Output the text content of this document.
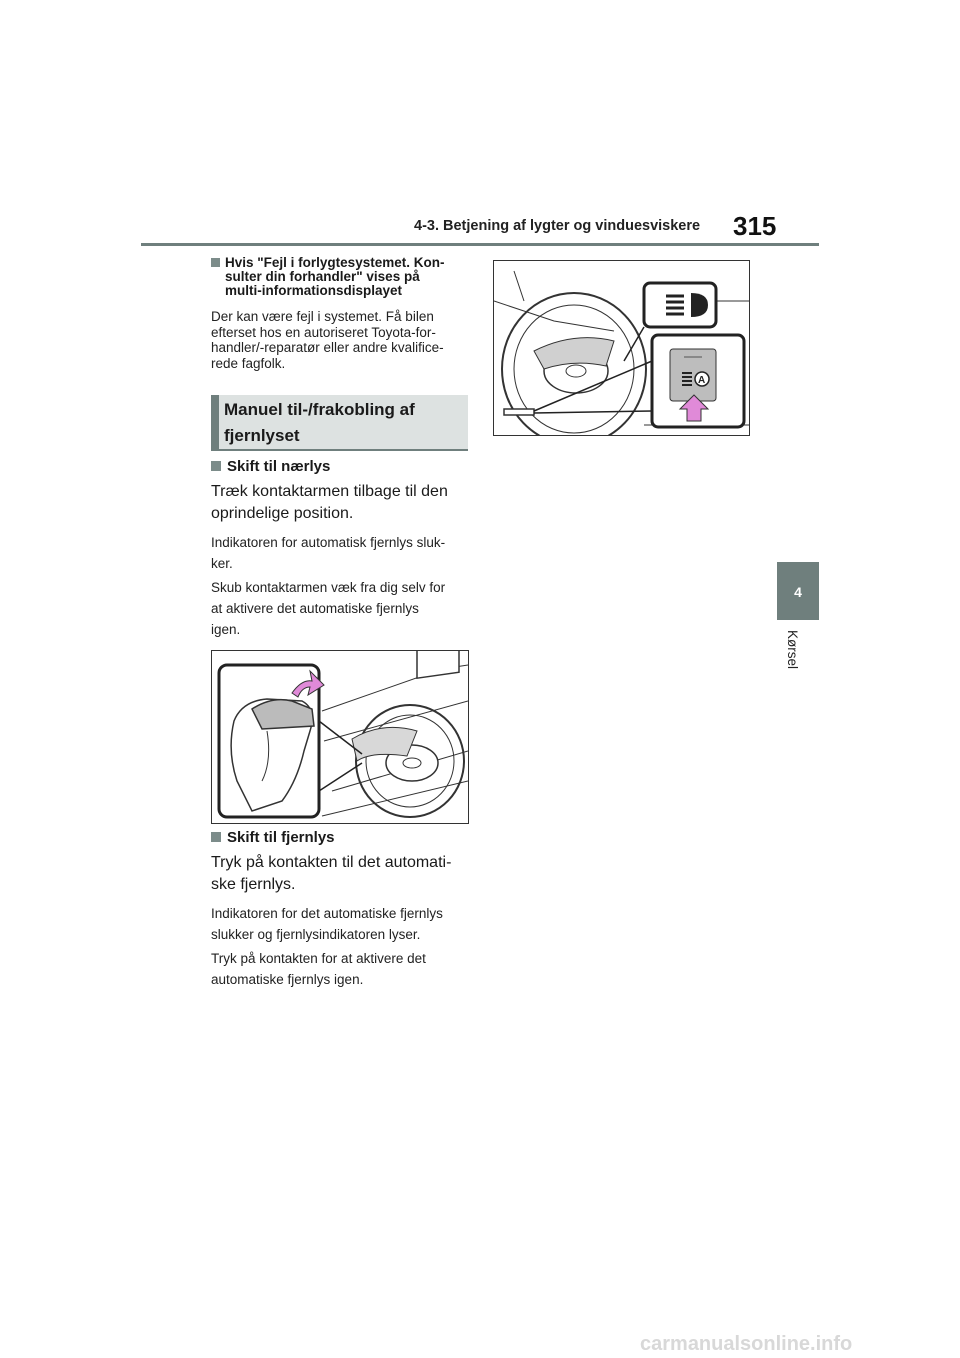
4-3. Betjening af lygter og vinduesviskere 315
4
Kørsel
Hvis "Fejl i forlygtesystemet. Kon-
sulter din forhandler" vises på
multi-informationsdisplayet
Der kan være fejl i systemet. Få bilen
efterset hos en autoriseret Toyota-for-
handler/-reparatør eller andre kvalifice-
rede fagfolk.
Manuel til-/frakobling af
fjernlyset
Skift til nærlys
Træk kontaktarmen tilbage til den
oprindelige position.
Indikatoren for automatisk fjernlys sluk-
ker.
Skub kontaktarmen væk fra dig selv for
at aktivere det automatiske fjernlys
igen.
Skift til fjernlys
Tryk på kontakten til det automati-
ske fjernlys.
Indikatoren for det automatiske fjernlys
slukker og fjernlysindikatoren lyser.
Tryk på kontakten for at aktivere det
automatiske fjernlys igen.
A
carmanualsonline.info
